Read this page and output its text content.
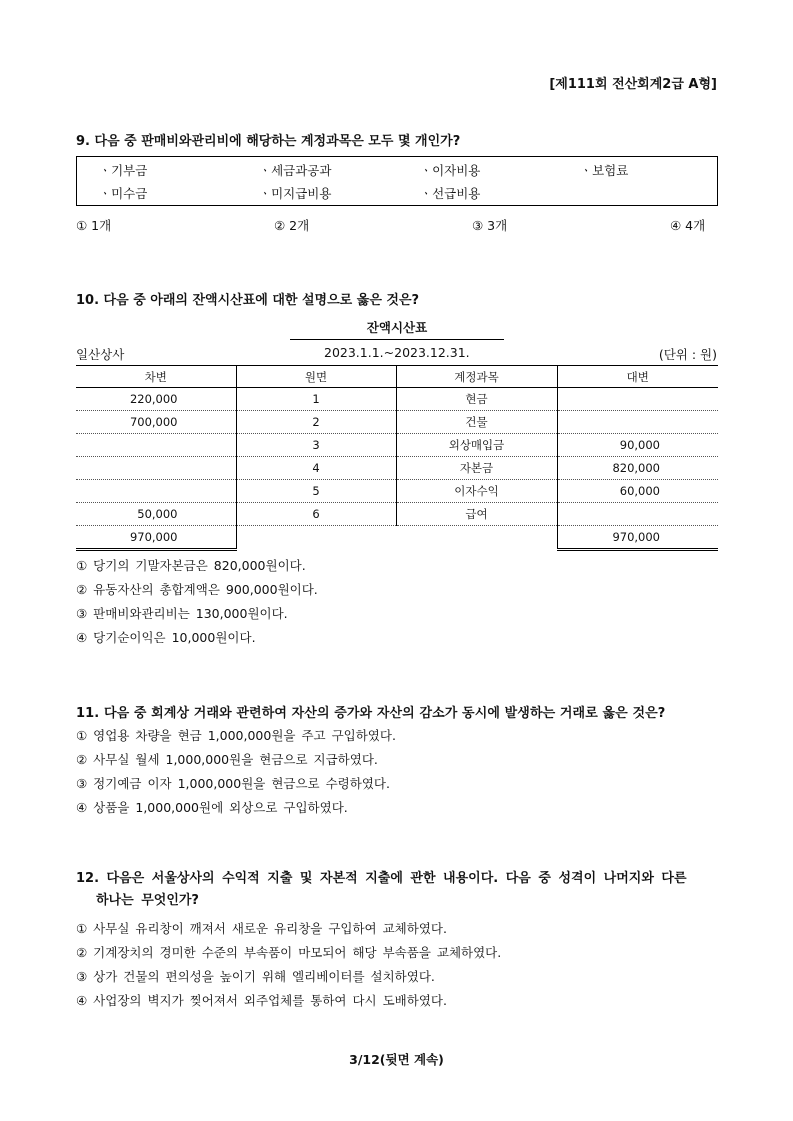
[제111회 전산회계2급 A형]
9. 다음 중 판매비와관리비에 해당하는 계정과목은 모두 몇 개인가?
ㆍ기부금	ㆍ세금과공과	ㆍ이자비용	ㆍ보험료
ㆍ미수금	ㆍ미지급비용	ㆍ선급비용
① 1개	② 2개	③ 3개	④ 4개
10. 다음 중 아래의 잔액시산표에 대한 설명으로 옳은 것은?
잔액시산표
일산상사	2023.1.1.~2023.12.31.	(단위 : 원)
차변	원면	계정과목	대변
220,000	1	현금	
700,000	2	건물	
	3	외상매입금	90,000
	4	자본금	820,000
	5	이자수익	60,000
50,000	6	급여	
970,000			970,000
① 당기의 기말자본금은 820,000원이다.
② 유동자산의 총합계액은 900,000원이다.
③ 판매비와관리비는 130,000원이다.
④ 당기순이익은 10,000원이다.
11. 다음 중 회계상 거래와 관련하여 자산의 증가와 자산의 감소가 동시에 발생하는 거래로 옳은 것은?
① 영업용 차량을 현금 1,000,000원을 주고 구입하였다.
② 사무실 월세 1,000,000원을 현금으로 지급하였다.
③ 정기예금 이자 1,000,000원을 현금으로 수령하였다.
④ 상품을 1,000,000원에 외상으로 구입하였다.
12. 다음은 서울상사의 수익적 지출 및 자본적 지출에 관한 내용이다. 다음 중 성격이 나머지와 다른
하나는 무엇인가?
① 사무실 유리창이 깨져서 새로운 유리창을 구입하여 교체하였다.
② 기계장치의 경미한 수준의 부속품이 마모되어 해당 부속품을 교체하였다.
③ 상가 건물의 편의성을 높이기 위해 엘리베이터를 설치하였다.
④ 사업장의 벽지가 찢어져서 외주업체를 통하여 다시 도배하였다.
3/12(뒷면 계속)
